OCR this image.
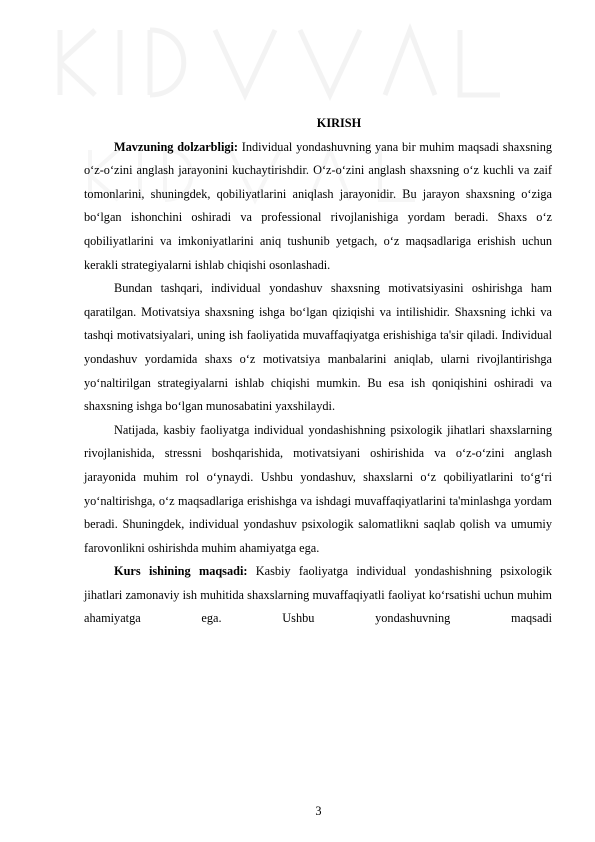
KIRISH

Mavzuning dolzarbligi: Individual yondashuvning yana bir muhim maqsadi shaxsning o‘z-o‘zini anglash jarayonini kuchaytirishdir. O‘z-o‘zini anglash shaxsning o‘z kuchli va zaif tomonlarini, shuningdek, qobiliyatlarini aniqlash jarayonidir. Bu jarayon shaxsning o‘ziga bo‘lgan ishonchini oshiradi va professional rivojlanishiga yordam beradi. Shaxs o‘z qobiliyatlarini va imkoniyatlarini aniq tushunib yetgach, o‘z maqsadlariga erishish uchun kerakli strategiyalarni ishlab chiqishi osonlashadi.

Bundan tashqari, individual yondashuv shaxsning motivatsiyasini oshirishga ham qaratilgan. Motivatsiya shaxsning ishga bo‘lgan qiziqishi va intilishidir. Shaxsning ichki va tashqi motivatsiyalari, uning ish faoliyatida muvaffaqiyatga erishishiga ta'sir qiladi. Individual yondashuv yordamida shaxs o‘z motivatsiya manbalarini aniqlab, ularni rivojlantirishga yo‘naltirilgan strategiyalarni ishlab chiqishi mumkin. Bu esa ish qoniqishini oshiradi va shaxsning ishga bo‘lgan munosabatini yaxshilaydi.

Natijada, kasbiy faoliyatga individual yondashishning psixologik jihatlari shaxslarning rivojlanishida, stressni boshqarishida, motivatsiyani oshirishida va o‘z-o‘zini anglash jarayonida muhim rol o‘ynaydi. Ushbu yondashuv, shaxslarni o‘z qobiliyatlarini to‘g‘ri yo‘naltirishga, o‘z maqsadlariga erishishga va ishdagi muvaffaqiyatlarini ta'minlashga yordam beradi. Shuningdek, individual yondashuv psixologik salomatlikni saqlab qolish va umumiy farovonlikni oshirishda muhim ahamiyatga ega.

Kurs ishining maqsadi: Kasbiy faoliyatga individual yondashishning psixologik jihatlari zamonaviy ish muhitida shaxslarning muvaffaqiyatli faoliyat ko‘rsatishi uchun muhim ahamiyatga ega. Ushbu yondashuvning maqsadi

3
